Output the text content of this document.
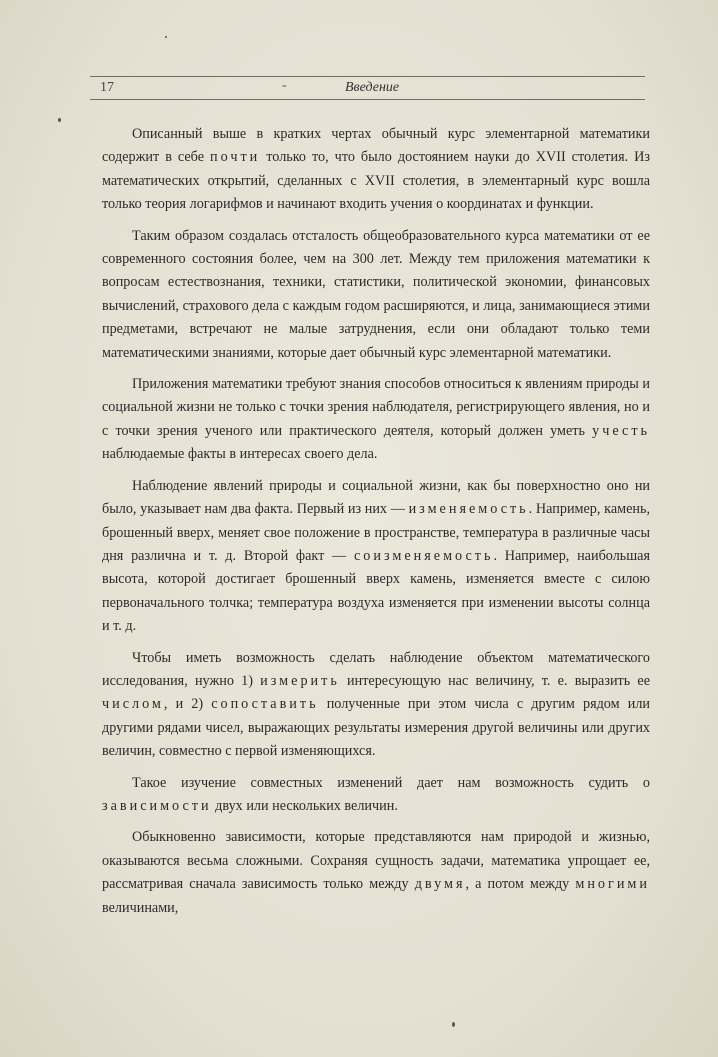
17	-	Введение

Описанный выше в кратких чертах обычный курс элементарной математики содержит в себе почти только то, что было достоянием науки до XVII столетия. Из математических открытий, сделанных с XVII столетия, в элементарный курс вошла только теория логарифмов и начинают входить учения о координатах и функции.

Таким образом создалась отсталость общеобразовательного курса математики от ее современного состояния более, чем на 300 лет. Между тем приложения математики к вопросам естествознания, техники, статистики, политической экономии, финансовых вычислений, страхового дела с каждым годом расширяются, и лица, занимающиеся этими предметами, встречают не малые затруднения, если они обладают только теми математическими знаниями, которые дает обычный курс элементарной математики.

Приложения математики требуют знания способов относиться к явлениям природы и социальной жизни не только с точки зрения наблюдателя, регистрирующего явления, но и с точки зрения ученого или практического деятеля, который должен уметь учесть наблюдаемые факты в интересах своего дела.

Наблюдение явлений природы и социальной жизни, как бы поверхностно оно ни было, указывает нам два факта. Первый из них — изменяемость. Например, камень, брошенный вверх, меняет свое положение в пространстве, температура в различные часы дня различна и т. д. Второй факт — соизменяемость. Например, наибольшая высота, которой достигает брошенный вверх камень, изменяется вместе с силою первоначального толчка; температура воздуха изменяется при изменении высоты солнца и т. д.

Чтобы иметь возможность сделать наблюдение объектом математического исследования, нужно 1) измерить интересующую нас величину, т. е. выразить ее числом, и 2) сопоставить полученные при этом числа с другим рядом или другими рядами чисел, выражающих результаты измерения другой величины или других величин, совместно с первой изменяющихся.

Такое изучение совместных изменений дает нам возможность судить о зависимости двух или нескольких величин.

Обыкновенно зависимости, которые представляются нам природой и жизнью, оказываются весьма сложными. Сохраняя сущность задачи, математика упрощает ее, рассматривая сначала зависимость только между двумя, а потом между многими величинами,
